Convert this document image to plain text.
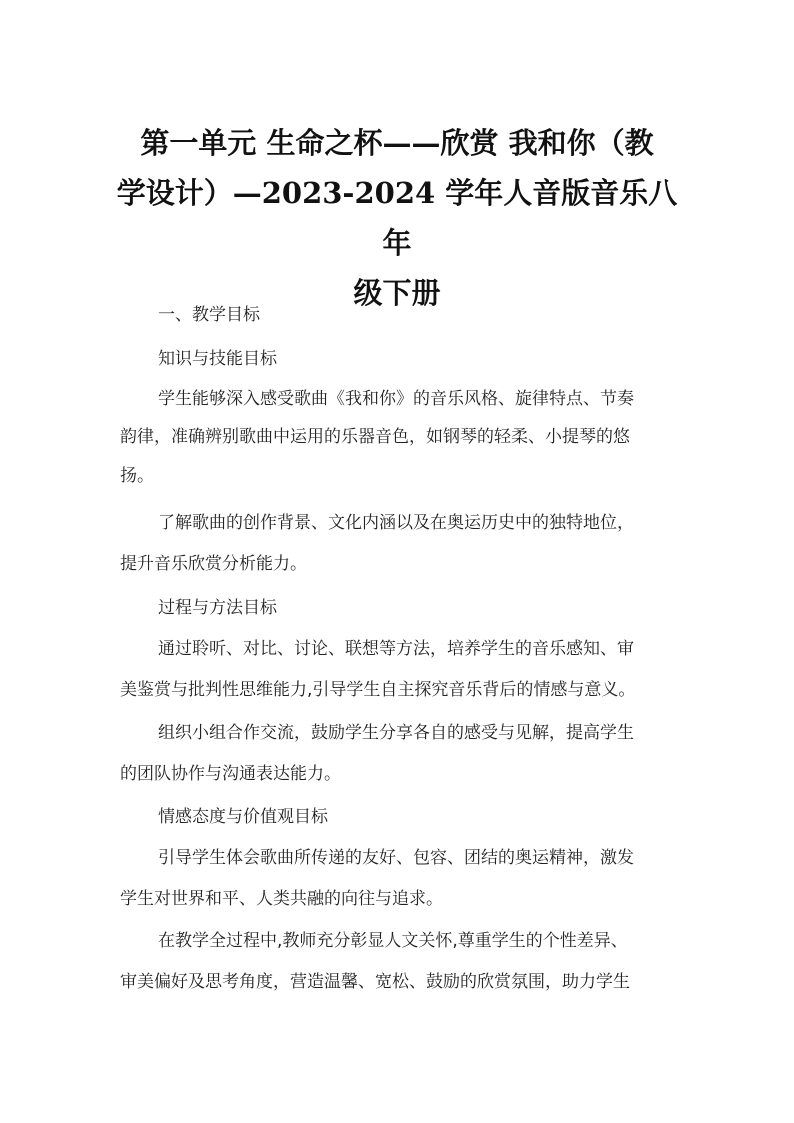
第一单元 生命之杯——欣赏 我和你（教
学设计）—2023-2024 学年人音版音乐八年
级下册
一、教学目标
知识与技能目标
学生能够深入感受歌曲《我和你》的音乐风格、旋律特点、节奏
韵律，准确辨别歌曲中运用的乐器音色，如钢琴的轻柔、小提琴的悠
扬。
了解歌曲的创作背景、文化内涵以及在奥运历史中的独特地位，
提升音乐欣赏分析能力。
过程与方法目标
通过聆听、对比、讨论、联想等方法，培养学生的音乐感知、审
美鉴赏与批判性思维能力,引导学生自主探究音乐背后的情感与意义。
组织小组合作交流，鼓励学生分享各自的感受与见解，提高学生
的团队协作与沟通表达能力。
情感态度与价值观目标
引导学生体会歌曲所传递的友好、包容、团结的奥运精神，激发
学生对世界和平、人类共融的向往与追求。
在教学全过程中,教师充分彰显人文关怀,尊重学生的个性差异、
审美偏好及思考角度，营造温馨、宽松、鼓励的欣赏氛围，助力学生
